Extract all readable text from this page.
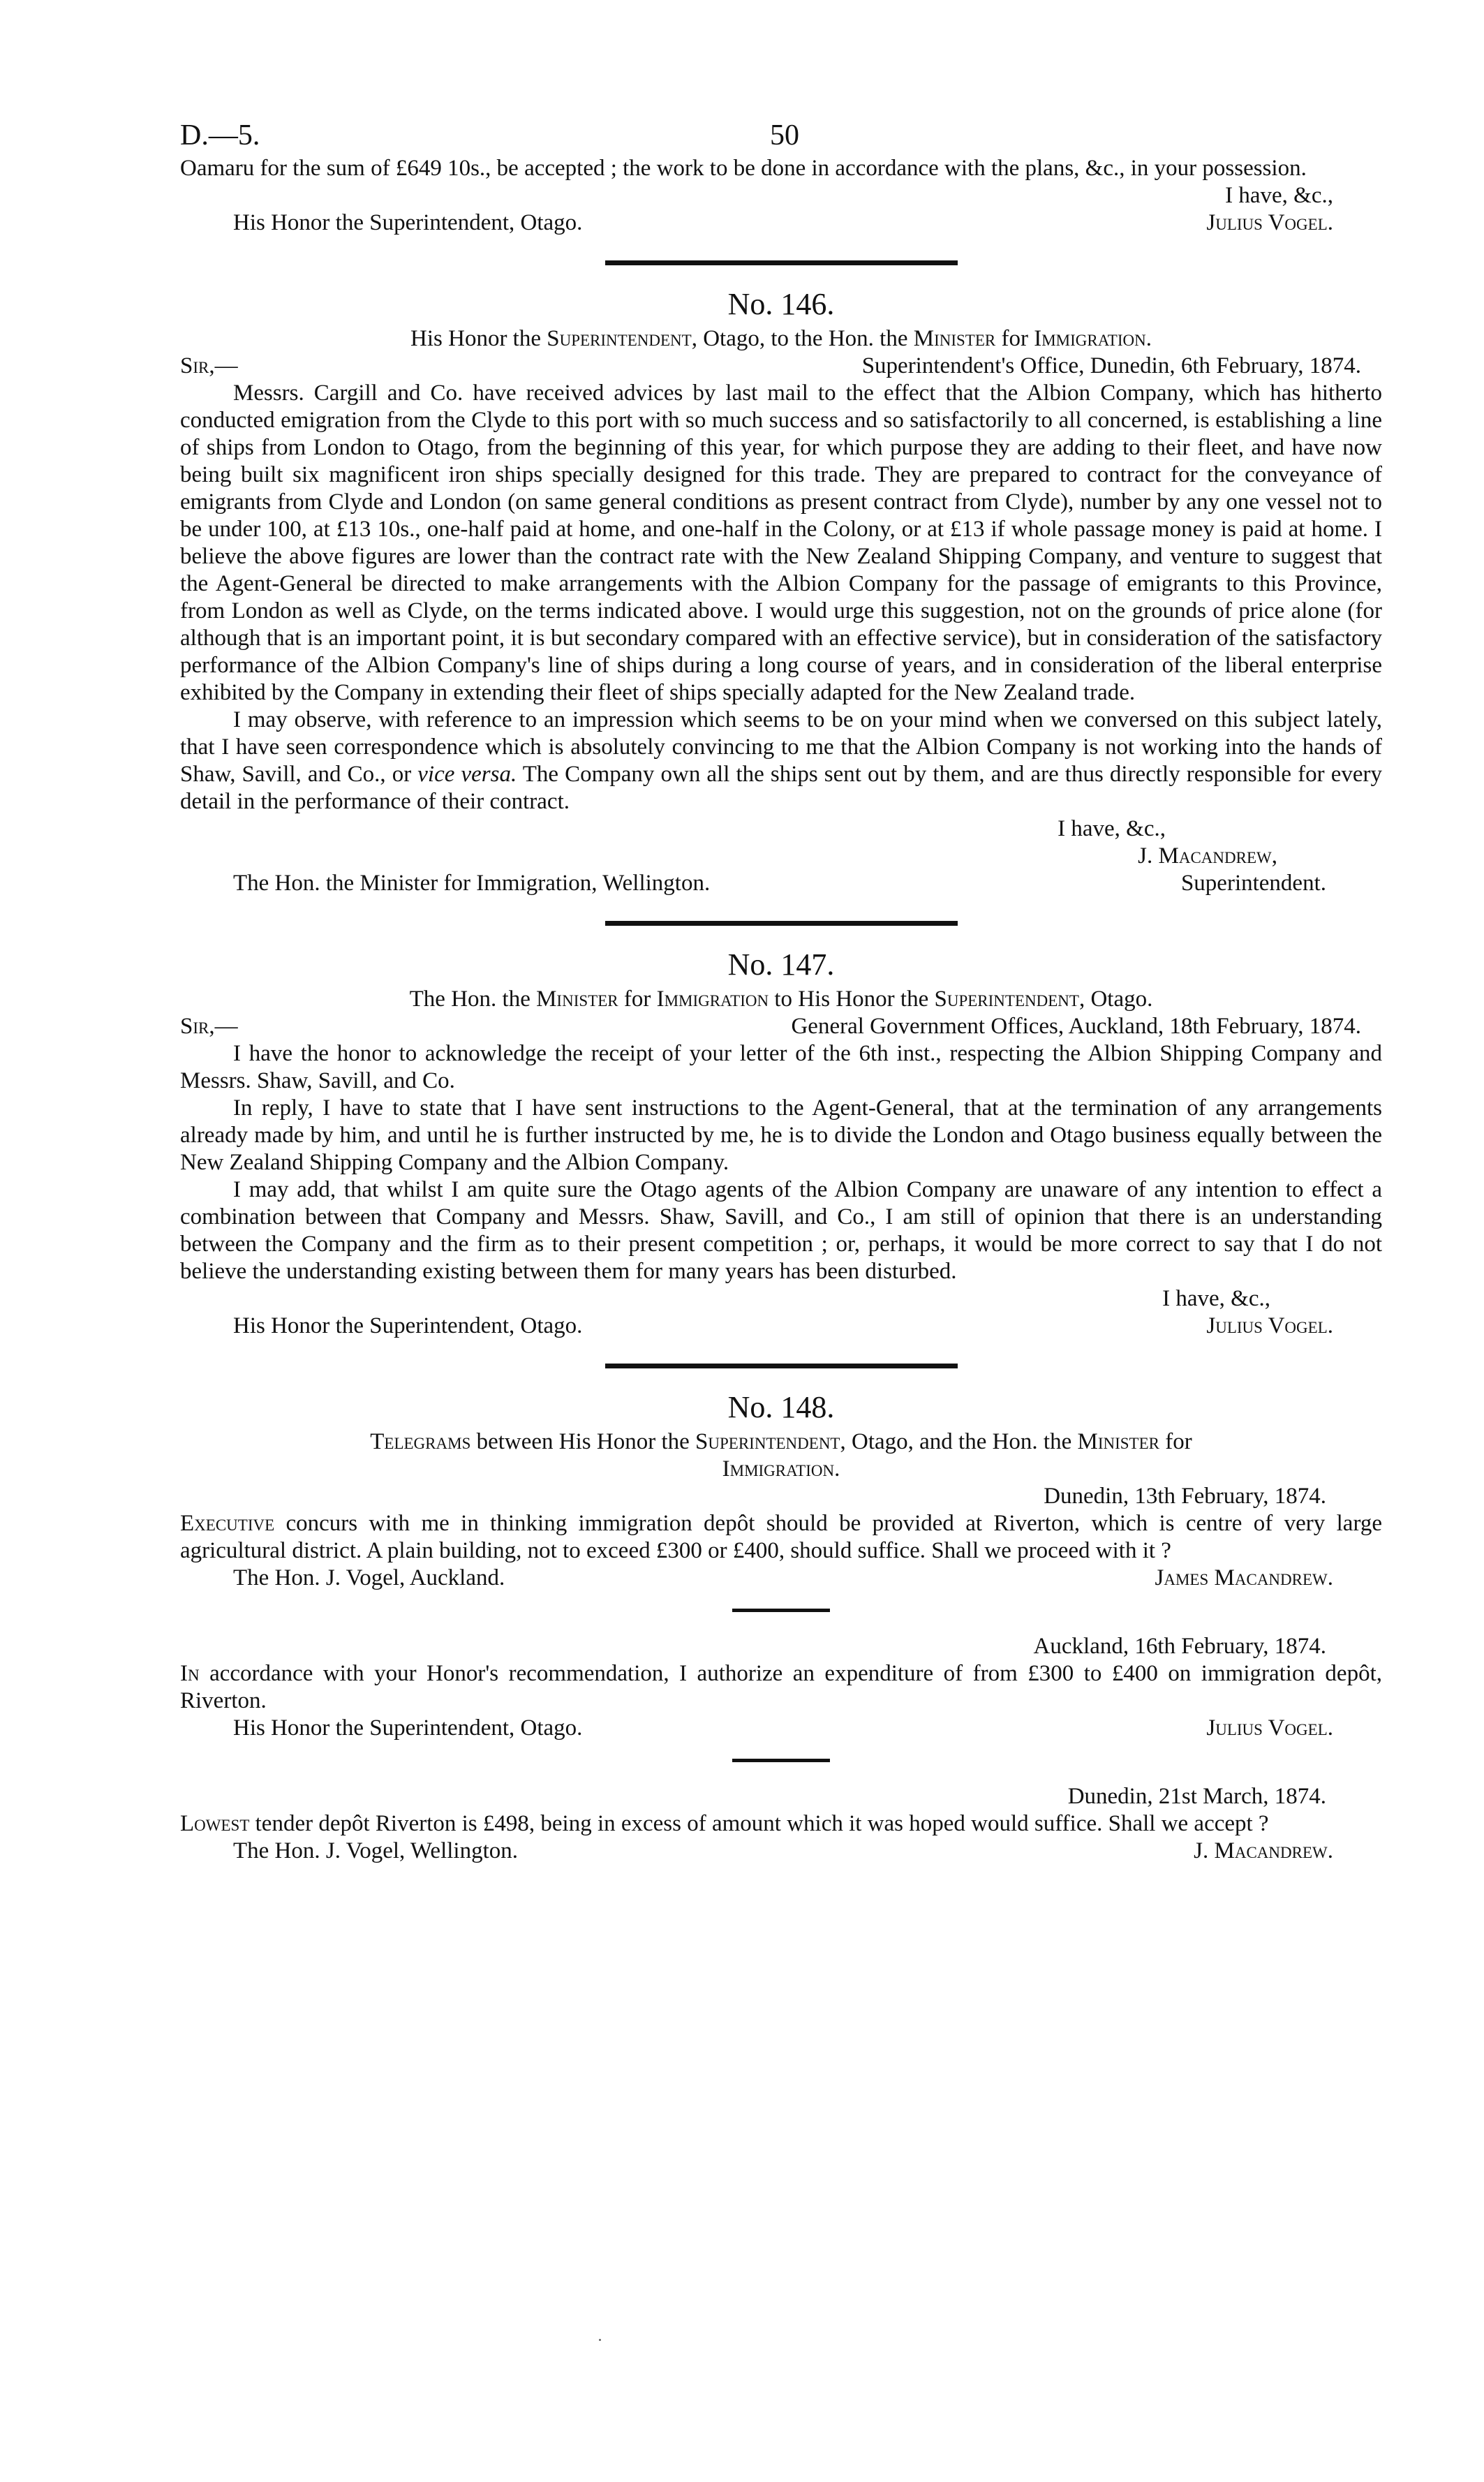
D.—5.	50

Oamaru for the sum of £649 10s., be accepted ; the work to be done in accordance with the plans, &c., in your possession.

I have, &c.,
His Honor the Superintendent, Otago.	Julius Vogel.
No. 146.
His Honor the Superintendent, Otago, to the Hon. the Minister for Immigration.
Sir,—	Superintendent's Office, Dunedin, 6th February, 1874.

Messrs. Cargill and Co. have received advices by last mail to the effect that the Albion Company, which has hitherto conducted emigration from the Clyde to this port with so much success and so satisfactorily to all concerned, is establishing a line of ships from London to Otago, from the beginning of this year, for which purpose they are adding to their fleet, and have now being built six magnificent iron ships specially designed for this trade. They are prepared to contract for the conveyance of emigrants from Clyde and London (on same general conditions as present contract from Clyde), number by any one vessel not to be under 100, at £13 10s., one-half paid at home, and one-half in the Colony, or at £13 if whole passage money is paid at home. I believe the above figures are lower than the contract rate with the New Zealand Shipping Company, and venture to suggest that the Agent-General be directed to make arrangements with the Albion Company for the passage of emigrants to this Province, from London as well as Clyde, on the terms indicated above. I would urge this suggestion, not on the grounds of price alone (for although that is an important point, it is but secondary compared with an effective service), but in consideration of the satisfactory performance of the Albion Company's line of ships during a long course of years, and in consideration of the liberal enterprise exhibited by the Company in extending their fleet of ships specially adapted for the New Zealand trade.

I may observe, with reference to an impression which seems to be on your mind when we conversed on this subject lately, that I have seen correspondence which is absolutely convincing to me that the Albion Company is not working into the hands of Shaw, Savill, and Co., or vice versa. The Company own all the ships sent out by them, and are thus directly responsible for every detail in the performance of their contract.

I have, &c.,
J. Macandrew,
The Hon. the Minister for Immigration, Wellington.	Superintendent.
No. 147.
The Hon. the Minister for Immigration to His Honor the Superintendent, Otago.
Sir,—	General Government Offices, Auckland, 18th February, 1874.

I have the honor to acknowledge the receipt of your letter of the 6th inst., respecting the Albion Shipping Company and Messrs. Shaw, Savill, and Co.

In reply, I have to state that I have sent instructions to the Agent-General, that at the termination of any arrangements already made by him, and until he is further instructed by me, he is to divide the London and Otago business equally between the New Zealand Shipping Company and the Albion Company.

I may add, that whilst I am quite sure the Otago agents of the Albion Company are unaware of any intention to effect a combination between that Company and Messrs. Shaw, Savill, and Co., I am still of opinion that there is an understanding between the Company and the firm as to their present competition ; or, perhaps, it would be more correct to say that I do not believe the understanding existing between them for many years has been disturbed.

I have, &c.,
His Honor the Superintendent, Otago.	Julius Vogel.
No. 148.
Telegrams between His Honor the Superintendent, Otago, and the Hon. the Minister for
Immigration.
Dunedin, 13th February, 1874.

Executive concurs with me in thinking immigration depôt should be provided at Riverton, which is centre of very large agricultural district. A plain building, not to exceed £300 or £400, should suffice. Shall we proceed with it ?

The Hon. J. Vogel, Auckland.	James Macandrew.
Auckland, 16th February, 1874.

In accordance with your Honor's recommendation, I authorize an expenditure of from £300 to £400 on immigration depôt, Riverton.

His Honor the Superintendent, Otago.	Julius Vogel.
Dunedin, 21st March, 1874.

Lowest tender depôt Riverton is £498, being in excess of amount which it was hoped would suffice. Shall we accept ?

The Hon. J. Vogel, Wellington.	J. Macandrew.
